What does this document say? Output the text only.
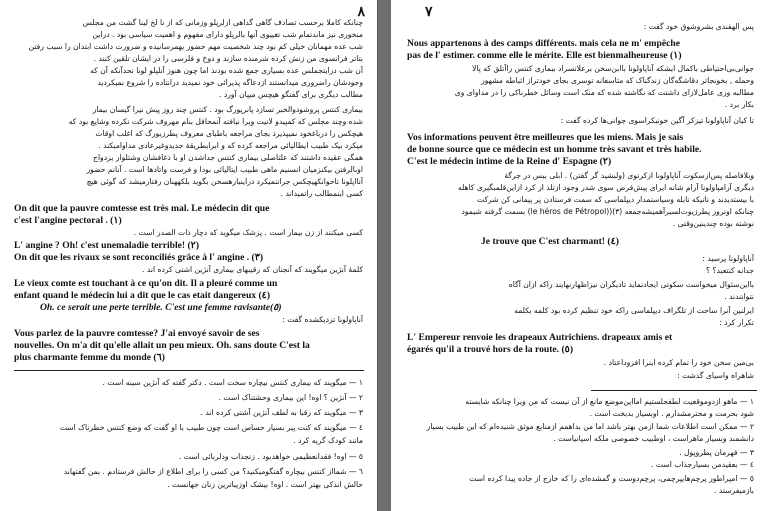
۸
چنانکه کاملا برحسب تصادف گاهی گداهی ازلرپلو وزمانی که از نا لخ لینا گشت من مجلس
منخوری نیز ماندتمام شب تغییوی آنها بالرپلو دارای مفهوم و اهمیت سیاسی بود . دراین
شب عده مهمانان خیلی کم بود چند شخصیت مهم حضور بهمرسانیده و ضرورت داشت ابتدان را سبب رفتن
بتاتر فرانسوی من زنش کرده شرمنده سازند و دوخ و فلرسی را در ایشان تلقین کنند .
آن شب درایتجملس عده بسیاری جمع شده بودند اما چون هنوز آنلپلو لونا نحدآنکه آن که
وجودشان راضروری میدانستند ازدعاگه پذیرائی خود نمیدید درانتاده را شروع نمیکردید
مطالب دیگری برای گفتگو هیچس میپان آورد .
بیماری کنتس پروشودوالخبر تسازد پانرپورگ بود . کنتس چند روز پیش نیرا گیسان بیمار
شده وچند مجلس که کمپیدو لانیت ویرا نیافته آنمحافل بنام مهروف شرکت نکرده وشایع بود که
هیچکس را درباغخود نمیپذیرد بجای مراجعه باطبای معروف پطرزبورگ که اغلب اوقات
میکرد بیک طبیب ایطالیائی مراجعه کرده که و ابرابطریقهٔ جدیدوغیرعادی مداوامیکند .
همگی عقیده داشتند که علتاصلی بیماری کنتس جداشدن او با ذغافشان وشتلوار یزدواج
اوبالرفتن بیکنزمیان انسنیم ماهی طبیب ایتالیائی بودا و فرست واتادها است . آنانم حضور
آنااپلونا تاحوانکهیچکس جراتنمیکرد دراینبارهسخن بگوید بلکههنان رفتارمیشد که گوئی هیچ
کسی اینمطالب راتمیداند .
On dit que la pauvre comtesse est très mal. Le médecin dit que
c'est l'angine pectoral . (١)
کسی میکنند از زن بیمار است . پزشک میگوید که دچار ذات الصدر است .
L' angine ? Oh! c'est unemaladie terrible! (٢)
On dit que les rivaux se sont reconciliés grâce à l' angine . (٣)
کلمهٔ آنژین میگویند که آنجنان که رقیبهای بیماری آنژین اشتی کرده اند .
Le vieux comte est touchant à ce qu'on dit. Il a pleuré comme un
enfant quand le médecin lui a dit que le cas etait dangereux (٤)
Oh. ce serait une perte terrible. C'est une femme ravisante(٥)
آناپاولونا تزدیکشده گفت :
Vous parlez de la pauvre comtesse? J'ai envoyé savoir de ses
nouvelles. On m'a dit qu'elle allait un peu mieux. Oh. sans doute C'est la
plus charmante femme du monde (٦)
١ — میگویند که بیماری کنتس بیچاره سخت است . دکتر گفته که آنژین سینه است .
٢ — آنژین ؟ اوه! این بیماری وحشتناک است .
٣ — میگویند که رقبا به لطف آنژین آشتی کرده اند .
٤ — میگویند که کنت پیر بسیار حساس است چون طبیب با او گفت که وضع کنتس خطرناک است
مانند کودک گریه کرد .
٥ — اوه! فقدانعظیمی خواهدبود . زنجذاب ودلربائی است .
٦ — شمااز کنتس بیچاره گفتگومیکنید؟ من کسی را برای اطلاع از حالش فرستادم . بمن گفتهاند
حالش اندکی بهتر است . اوه! بیشک اوزیباترین زنان جهانست .
٧
پس الهفندی بشروشوق خود گفت :
Nous appartenons à des camps différents. mais cela ne m' empêche
pas de l' estimer. comme elle le mérite. Elle est bienmalheureuse (١)
جوانی‌بی‌احتیاطی باکمال ایشکه آناپاولونا باابن‌سخن برعلانسراد ببماری کنتس راآتلق که پالا
وحمله , بخونجاتر دقاشگه‌گان زندگناک که متاسفانه توسری بجای خودتراز اثباطه مشهور
مطالبه وری عامل‌لازای داشتت که نگاشته شده که منک است وسائل خطرناکی را در مداوای وی
بکار برد .
تا کیان آناپاولونا تیزکر آگین خونیکراسوی جوانی‌ها کرده گفت :
Vos informations peuvent être meilleures que les miens. Mais je sais
de bonne source que ce médecin est un homme très savant et très habile.
C'est le médecin intime de la Reine d' Espagne (٢)
وبلافاصله پس‌ازسکوت آناپاولونا ازکرتوی (ولبشید گر گفتن) . ابلی بیس در جرگهٔ
دیگری آرامپاولونا آرام شانه ایرای پیش‌فرض سوی شدر وجود ازتلذ ار کرد ازاین‌قلمبگیری کاهله
با بیستدید‌ند و تاتیکه تابله وسیاستمدار دیپلماسی که سمت فرستادن پر پیمانی کن شرکت
چنانکه اوترور پطرزیوت‌لسیرآهمیشه‌جمعه (٣)((le héros de Pétropol) بسمت گرفته شیمود
نوشته بوده چندینین‌وقتی .
Je trouve que C'est charmant! (٤)
آناپاولونا پرسید :
جدانه کنتعبد؟ ؟
بااین‌سئوال میخواست سکوتی ایجادنماید تادیگران نیزاظهارنهایند راکه ازان آگاه
نتوانندند .
ایرلنین آنرا ساحت از تلگراف دیپلماسی راکه خود تنظیم کرده بود کلمه بکلمه
تکرار کرد :
L' Empereur renvoie les drapeaux Autrichiens. drapeaux amis et
égarés qu'il a trouvé hors de la route. (٥)
بی‌مین سخن خود را تمام کرده اینرا افزوداعتاد .
شاهراه واسیای گذشت :
١ — ماهو ازدوموقعیت‌ لطفجلستیم امااین‌موضع مانع از آن نیست که من ویرا چنانکه شایسته
شود بحرمت و محترمشدارم . اوبسیار بدبخت است .
٢ — ممکن است اطلاعات شما ازمن بهتر باشد اما من بداهمم ازمنابع موثق شنیده‌ام که این طبیب بسیار
دانشمند وبسیار ماهراست ، اوطبیب خصوصی ملکه اسپانیاست .
٣ — قهرمان پطروپول .
٤ — بعقیدمن بسیارجذاب است .
٥ — امپراطور پرچم‌هایپرچمی، پرچم‌دوست و گمشده‌ای را که خارج از جاده پیدا کرده است
بازمیفرستد .
